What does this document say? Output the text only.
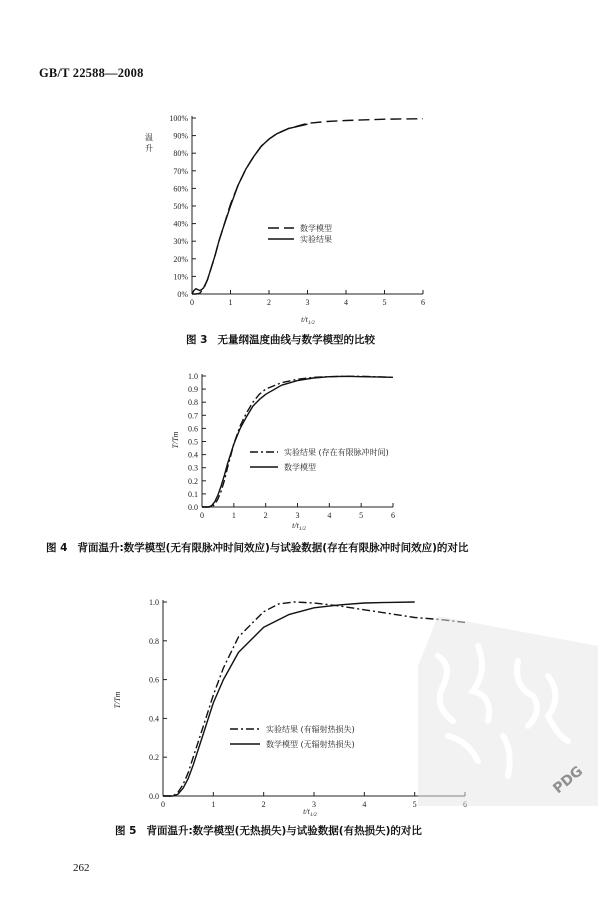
GB/T 22588—2008
0%
10%
20%
30%
40%
50%
60%
70%
80%
90%
100%
0	1	2	3	4	5	6
数学模型
实验结果
温
升
$t/t_{1/2}$
0.0
0.1
0.2
0.3
0.4
0.5
0.6
0.7
0.8
0.9
1.0
0	1	2	3	4	5	6
实验结果 (存在有限脉冲时间)
数学模型
T/Tm
$t/t_{1/2}$
0.0
0.2
0.4
0.6
0.8
1.0
0	1	2	3	4	5
实验结果 (有辐射热损失)
数学模型 (无辐射热损失)
T/Tm
$t/t_{1/2}$
图 3 无量纲温度曲线与数学模型的比较
图 4 背面温升:数学模型(无有限脉冲时间效应)与试验数据(存在有限脉冲时间效应)的对比
图 5 背面温升:数学模型(无热损失)与试验数据(有热损失)的对比
262
PDG
